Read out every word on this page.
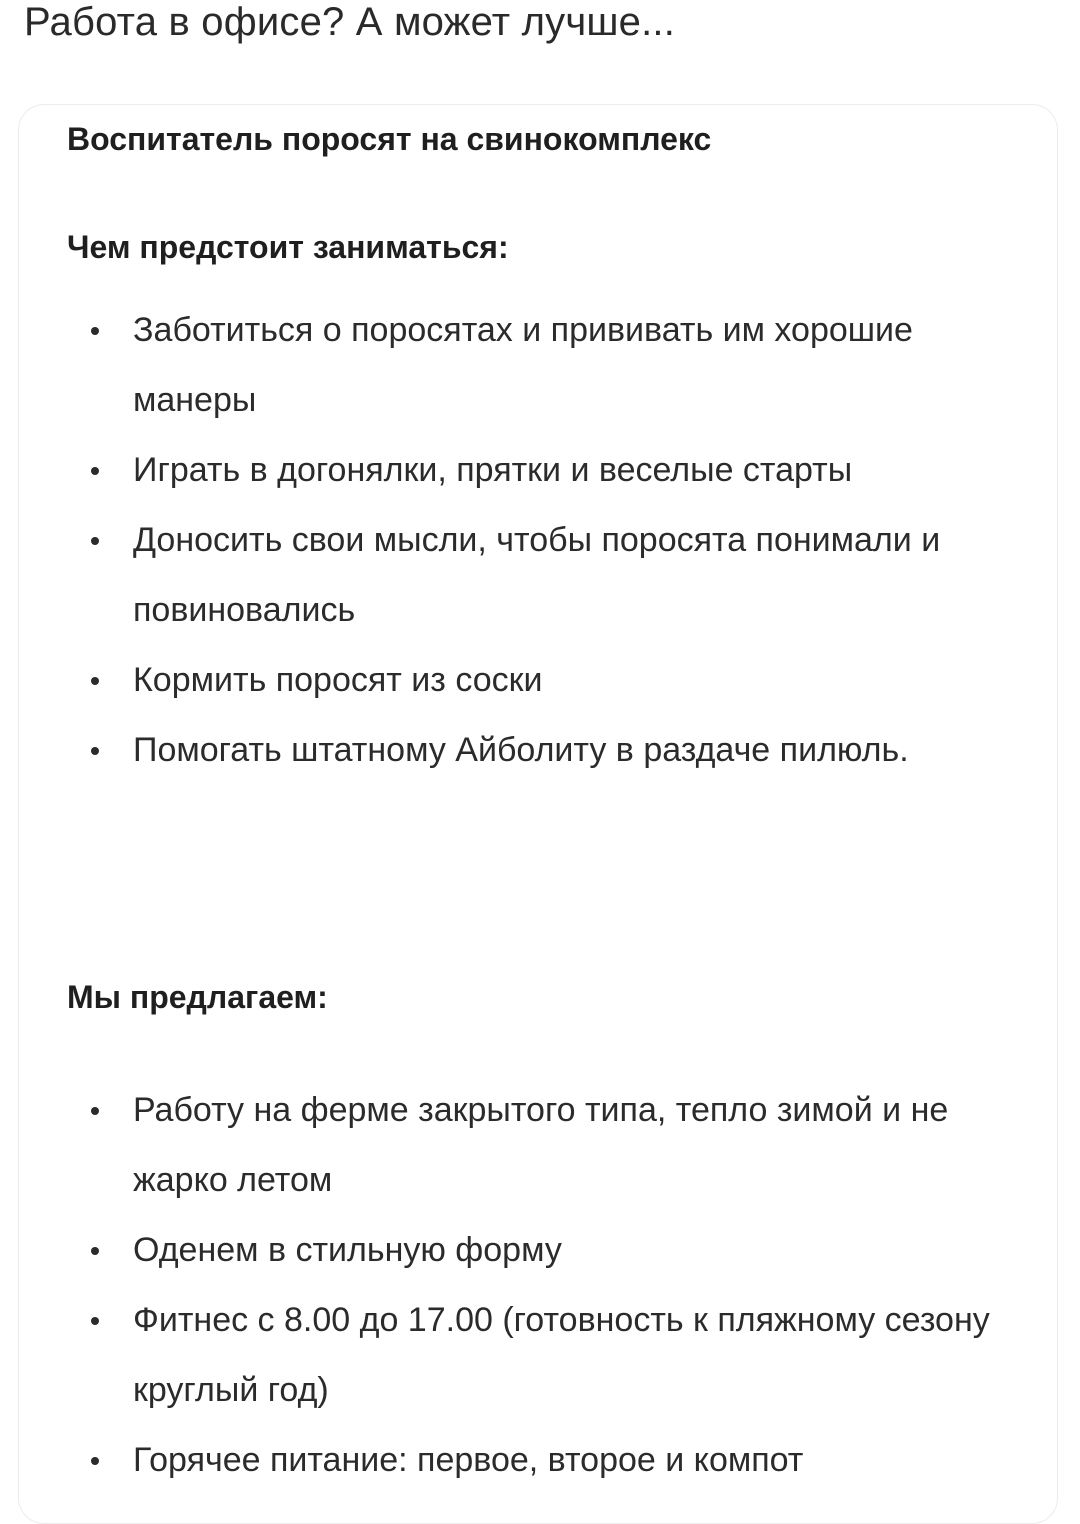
Работа в офисе? А может лучше...
Воспитатель поросят на свинокомплекс
Чем предстоит заниматься:
Заботиться о поросятах и прививать им хорошие манеры
Играть в догонялки, прятки и веселые старты
Доносить свои мысли, чтобы поросята понимали и повиновались
Кормить поросят из соски
Помогать штатному Айболиту в раздаче пилюль.
Мы предлагаем:
Работу на ферме закрытого типа, тепло зимой и не жарко летом
Оденем в стильную форму
Фитнес с 8.00 до 17.00 (готовность к пляжному сезону круглый год)
Горячее питание: первое, второе и компот
